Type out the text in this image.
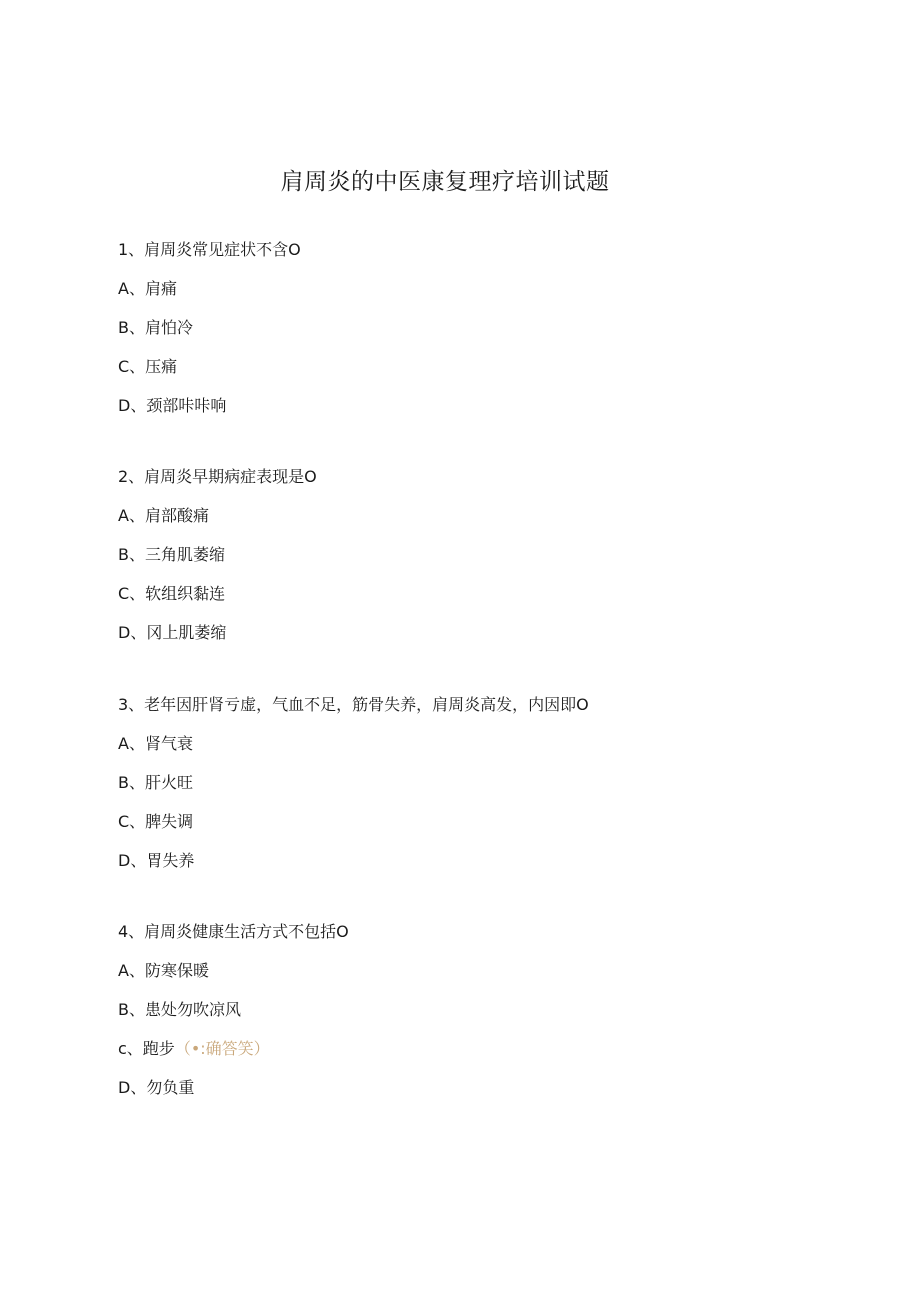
肩周炎的中医康复理疗培训试题
1、肩周炎常见症状不含O
A、肩痛
B、肩怕冷
C、压痛
D、颈部咔咔响
2、肩周炎早期病症表现是O
A、肩部酸痛
B、三角肌萎缩
C、软组织黏连
D、冈上肌萎缩
3、老年因肝肾亏虚，气血不足，筋骨失养，肩周炎高发，内因即O
A、肾气衰
B、肝火旺
C、脾失调
D、胃失养
4、肩周炎健康生活方式不包括O
A、防寒保暖
B、患处勿吹凉风
c、跑步（•:确答笑）
D、勿负重
